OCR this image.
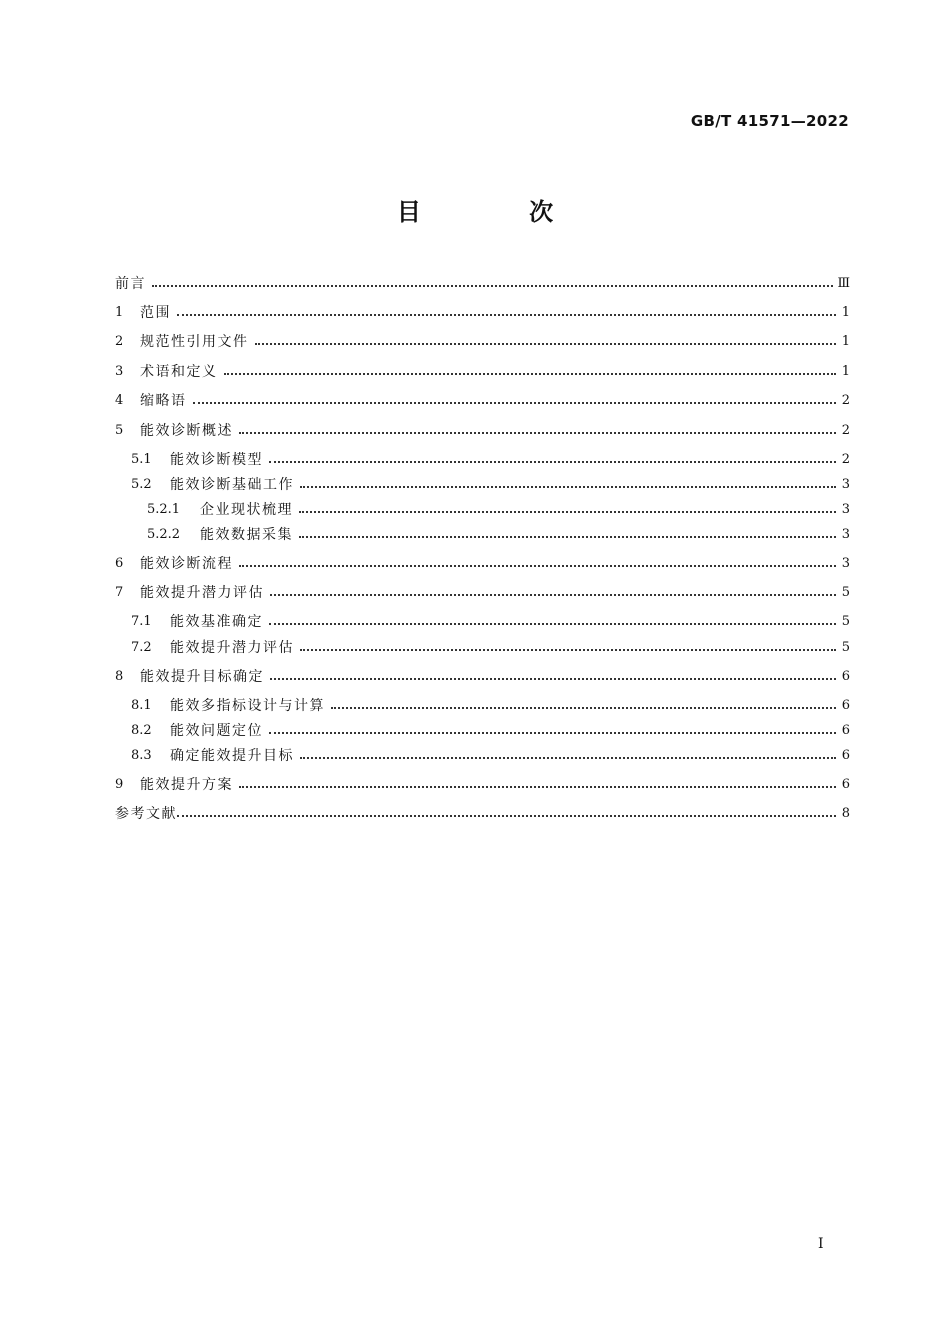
GB/T 41571—2022
目 次
前言	Ⅲ
1	范围	1
2	规范性引用文件	1
3	术语和定义	1
4	缩略语	2
5	能效诊断概述	2
5.1	能效诊断模型	2
5.2	能效诊断基础工作	3
5.2.1	企业现状梳理	3
5.2.2	能效数据采集	3
6	能效诊断流程	3
7	能效提升潜力评估	5
7.1	能效基准确定	5
7.2	能效提升潜力评估	5
8	能效提升目标确定	6
8.1	能效多指标设计与计算	6
8.2	能效问题定位	6
8.3	确定能效提升目标	6
9	能效提升方案	6
参考文献	8
Ⅰ
